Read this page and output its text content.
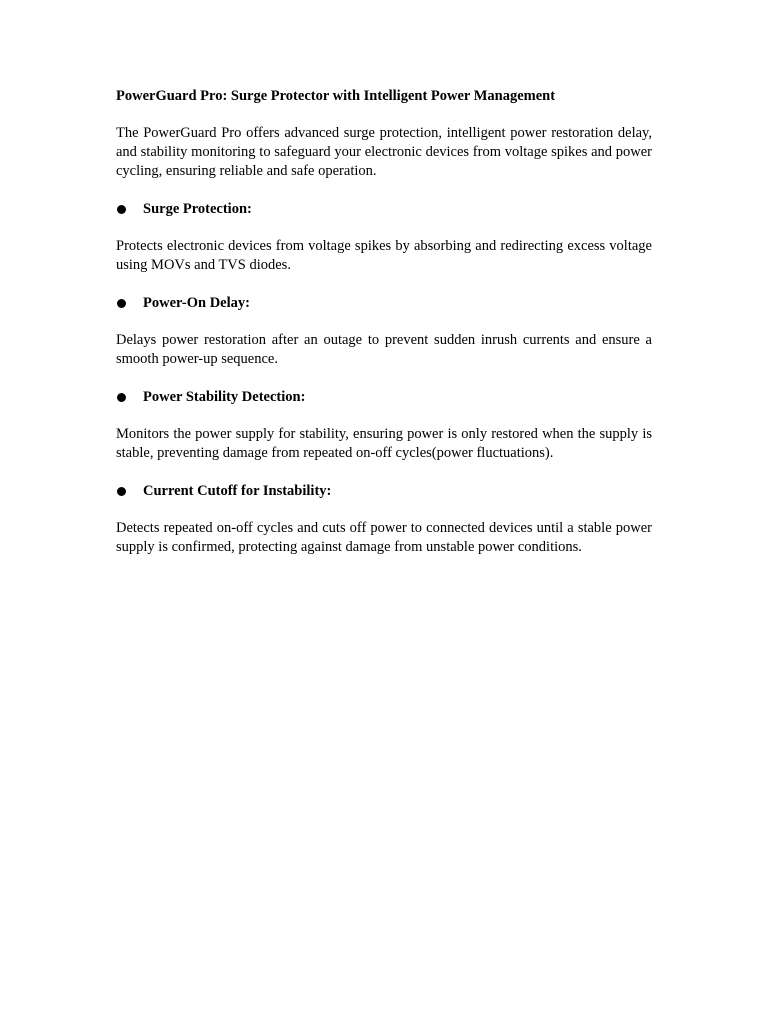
PowerGuard Pro: Surge Protector with Intelligent Power Management

The PowerGuard Pro offers advanced surge protection, intelligent power restoration delay, and stability monitoring to safeguard your electronic devices from voltage spikes and power cycling, ensuring reliable and safe operation.

Surge Protection:

Protects electronic devices from voltage spikes by absorbing and redirecting excess voltage using MOVs and TVS diodes.

Power-On Delay:

Delays power restoration after an outage to prevent sudden inrush currents and ensure a smooth power-up sequence.

Power Stability Detection:

Monitors the power supply for stability, ensuring power is only restored when the supply is stable, preventing damage from repeated on-off cycles(power fluctuations).

Current Cutoff for Instability:

Detects repeated on-off cycles and cuts off power to connected devices until a stable power supply is confirmed, protecting against damage from unstable power conditions.
